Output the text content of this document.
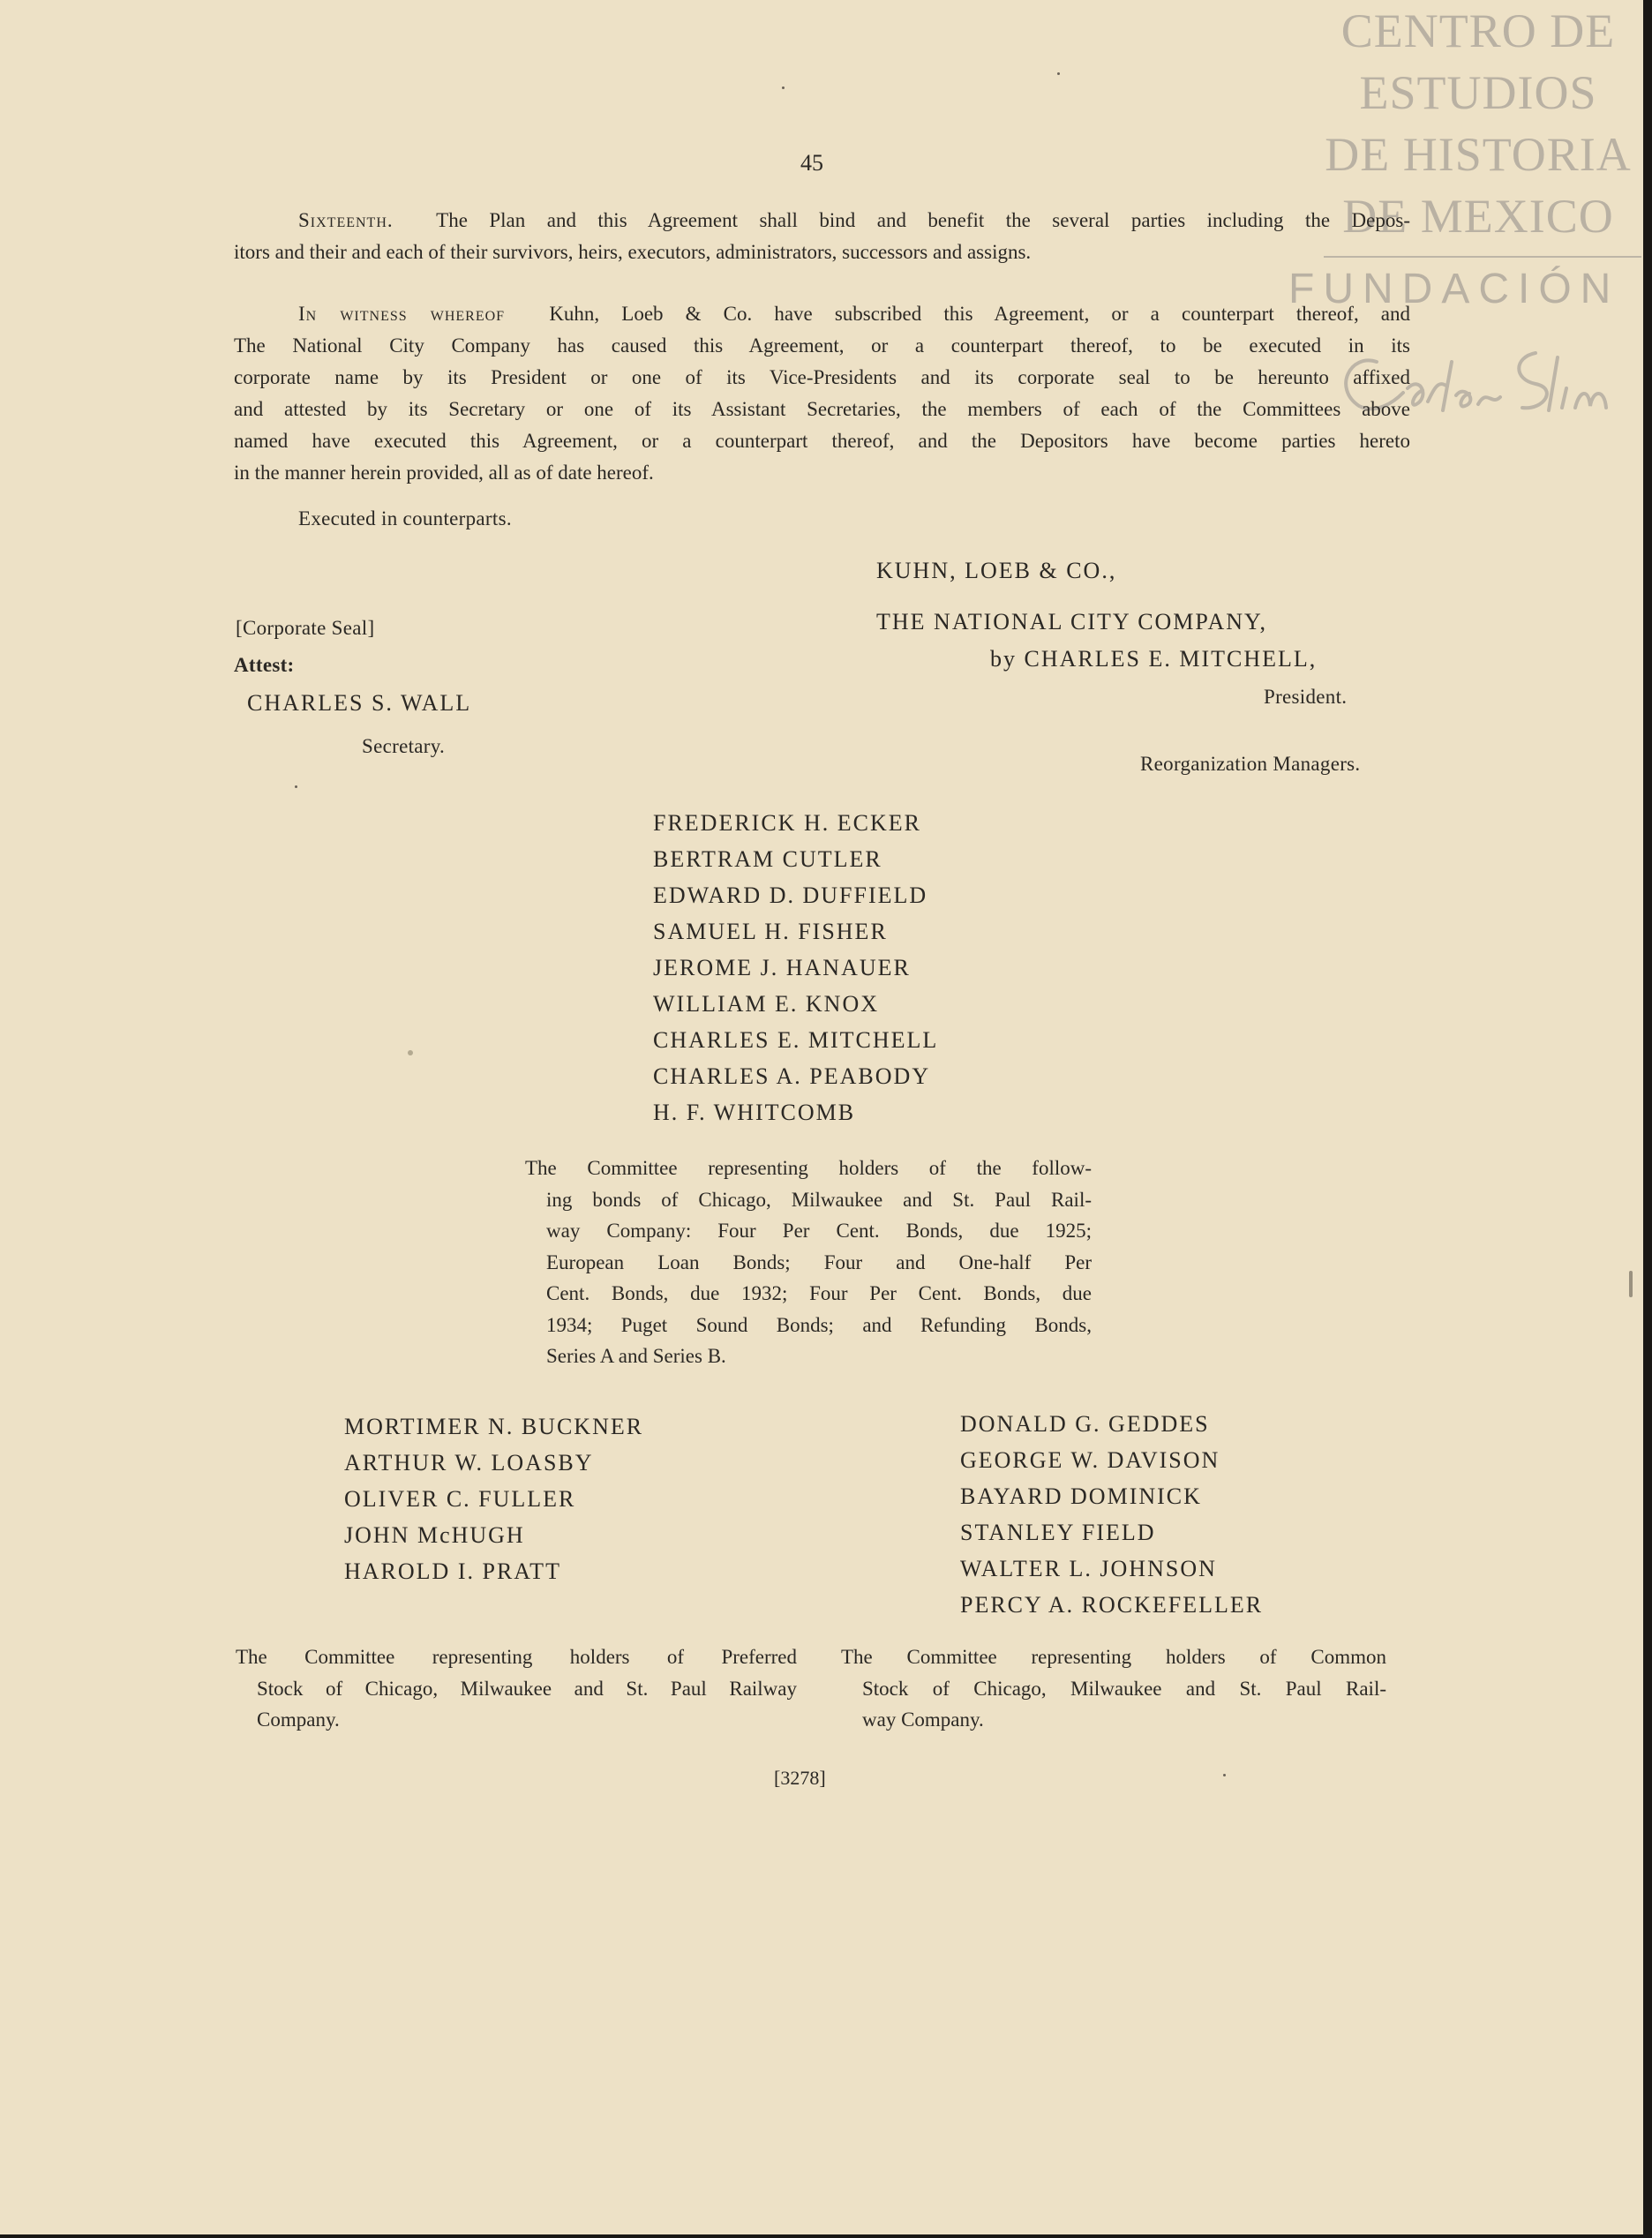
CENTRO DE
ESTUDIOS
DE HISTORIA
DE MEXICO
FUNDACIÓN
45
Sixteenth. The Plan and this Agreement shall bind and benefit the several parties including the Depos-
itors and their and each of their survivors, heirs, executors, administrators, successors and assigns.
In witness whereof Kuhn, Loeb & Co. have subscribed this Agreement, or a counterpart thereof, and
The National City Company has caused this Agreement, or a counterpart thereof, to be executed in its
corporate name by its President or one of its Vice-Presidents and its corporate seal to be hereunto affixed
and attested by its Secretary or one of its Assistant Secretaries, the members of each of the Committees above
named have executed this Agreement, or a counterpart thereof, and the Depositors have become parties hereto
in the manner herein provided, all as of date hereof.
Executed in counterparts.
KUHN, LOEB & CO.,
[Corporate Seal]	THE NATIONAL CITY COMPANY,
Attest:	by CHARLES E. MITCHELL,
CHARLES S. WALL	President.
Secretary.
Reorganization Managers.
FREDERICK H. ECKER
BERTRAM CUTLER
EDWARD D. DUFFIELD
SAMUEL H. FISHER
JEROME J. HANAUER
WILLIAM E. KNOX
CHARLES E. MITCHELL
CHARLES A. PEABODY
H. F. WHITCOMB
The Committee representing holders of the follow-
ing bonds of Chicago, Milwaukee and St. Paul Rail-
way Company: Four Per Cent. Bonds, due 1925;
European Loan Bonds; Four and One-half Per
Cent. Bonds, due 1932; Four Per Cent. Bonds, due
1934; Puget Sound Bonds; and Refunding Bonds,
Series A and Series B.
MORTIMER N. BUCKNER
ARTHUR W. LOASBY
OLIVER C. FULLER
JOHN McHUGH
HAROLD I. PRATT
DONALD G. GEDDES
GEORGE W. DAVISON
BAYARD DOMINICK
STANLEY FIELD
WALTER L. JOHNSON
PERCY A. ROCKEFELLER
The Committee representing holders of Preferred
Stock of Chicago, Milwaukee and St. Paul Railway
Company.
The Committee representing holders of Common
Stock of Chicago, Milwaukee and St. Paul Rail-
way Company.
[3278]
